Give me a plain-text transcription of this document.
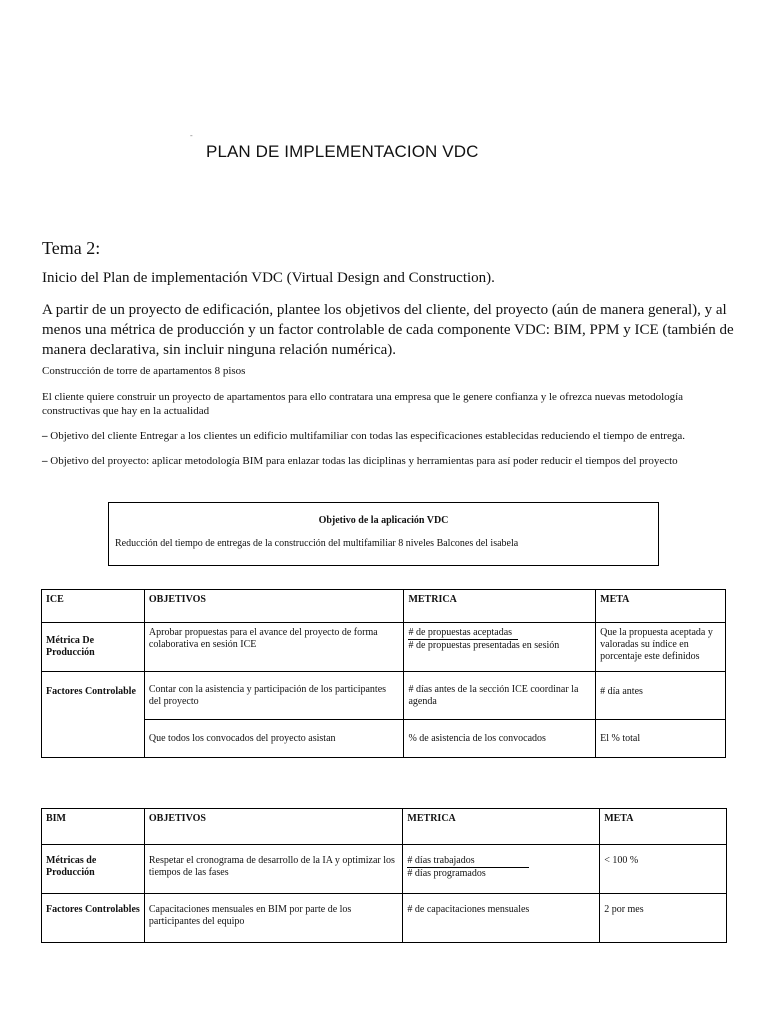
-
PLAN DE IMPLEMENTACION VDC
Tema 2:
Inicio del Plan de implementación VDC (Virtual Design and Construction).
A partir de un proyecto de edificación, plantee los objetivos del cliente, del proyecto (aún de manera general), y al menos una métrica de producción y un factor controlable de cada componente VDC: BIM, PPM y ICE (también de manera declarativa, sin incluir ninguna relación numérica).
Construcción de torre de apartamentos 8 pisos
El cliente quiere construir un proyecto de apartamentos para ello contratara una empresa que le genere confianza y le ofrezca nuevas metodología constructivas que hay en la actualidad
– Objetivo del cliente Entregar a los clientes un edificio multifamiliar con todas las especificaciones establecidas reduciendo el tiempo de entrega.
– Objetivo del proyecto: aplicar metodología BIM para enlazar todas las diciplinas y herramientas para así poder reducir el tiempos del proyecto
Objetivo de la aplicación VDC
Reducción del tiempo de entregas de la construcción del multifamiliar 8 niveles Balcones del isabela
ICE	OBJETIVOS	METRICA	META
Métrica De Producción	Aprobar propuestas para el avance del proyecto de forma colaborativa en sesión ICE	$\frac{\text{\# de propuestas aceptadas}}{\text{\# de propuestas presentadas en sesión}}$	Que la propuesta aceptada y valoradas su índice en porcentaje este definidos
Factores Controlable	Contar con la asistencia y participación de los participantes del proyecto	# días antes de la sección ICE coordinar la agenda	# día antes
	Que todos los convocados del proyecto asistan	% de asistencia de los convocados	El % total
BIM	OBJETIVOS	METRICA	META
Métricas de Producción	Respetar el cronograma de desarrollo de la IA y optimizar los tiempos de las fases	$\frac{\text{\# días trabajados}}{\text{\# días programados}}$	< 100 %
Factores Controlables	Capacitaciones mensuales en BIM por parte de los participantes del equipo	# de capacitaciones mensuales	2 por mes
